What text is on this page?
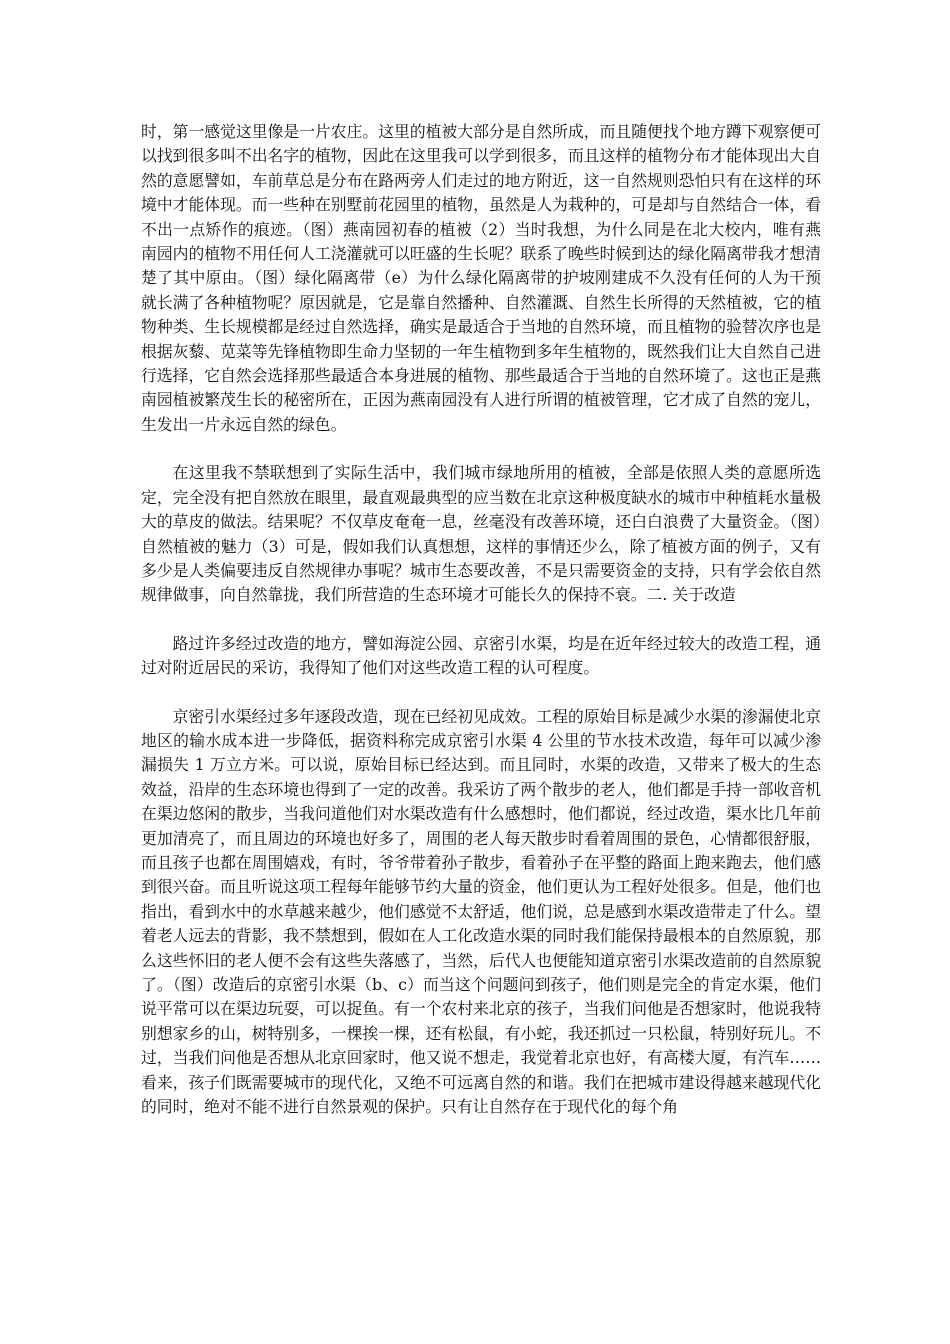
时，第一感觉这里像是一片农庄。这里的植被大部分是自然所成，而且随便找个地方蹲下观察便可以找到很多叫不出名字的植物，因此在这里我可以学到很多，而且这样的植物分布才能体现出大自然的意愿譬如，车前草总是分布在路两旁人们走过的地方附近，这一自然规则恐怕只有在这样的环境中才能体现。而一些种在别墅前花园里的植物，虽然是人为栽种的，可是却与自然结合一体，看不出一点矫作的痕迹。（图）燕南园初春的植被（2）当时我想，为什么同是在北大校内，唯有燕南园内的植物不用任何人工浇灌就可以旺盛的生长呢？联系了晚些时候到达的绿化隔离带我才想清楚了其中原由。（图）绿化隔离带（e）为什么绿化隔离带的护坡刚建成不久没有任何的人为干预就长满了各种植物呢？原因就是，它是靠自然播种、自然灌溉、自然生长所得的天然植被，它的植物种类、生长规模都是经过自然选择，确实是最适合于当地的自然环境，而且植物的验替次序也是根据灰藜、苋菜等先锋植物即生命力坚韧的一年生植物到多年生植物的，既然我们让大自然自己进行选择，它自然会选择那些最适合本身进展的植物、那些最适合于当地的自然环境了。这也正是燕南园植被繁茂生长的秘密所在，正因为燕南园没有人进行所谓的植被管理，它才成了自然的宠儿，生发出一片永远自然的绿色。

在这里我不禁联想到了实际生活中，我们城市绿地所用的植被，全部是依照人类的意愿所选定，完全没有把自然放在眼里，最直观最典型的应当数在北京这种极度缺水的城市中种植耗水量极大的草皮的做法。结果呢？不仅草皮奄奄一息，丝毫没有改善环境，还白白浪费了大量资金。（图）自然植被的魅力（3）可是，假如我们认真想想，这样的事情还少么，除了植被方面的例子，又有多少是人类偏要违反自然规律办事呢？城市生态要改善，不是只需要资金的支持，只有学会依自然规律做事，向自然靠拢，我们所营造的生态环境才可能长久的保持不衰。二. 关于改造

路过许多经过改造的地方，譬如海淀公园、京密引水渠，均是在近年经过较大的改造工程，通过对附近居民的采访，我得知了他们对这些改造工程的认可程度。

京密引水渠经过多年逐段改造，现在已经初见成效。工程的原始目标是减少水渠的渗漏使北京地区的输水成本进一步降低，据资料称完成京密引水渠 4 公里的节水技术改造，每年可以减少渗漏损失 1 万立方米。可以说，原始目标已经达到。而且同时，水渠的改造，又带来了极大的生态效益，沿岸的生态环境也得到了一定的改善。我采访了两个散步的老人，他们都是手持一部收音机在渠边悠闲的散步，当我问道他们对水渠改造有什么感想时，他们都说，经过改造，渠水比几年前更加清亮了，而且周边的环境也好多了，周围的老人每天散步时看着周围的景色，心情都很舒服，而且孩子也都在周围嬉戏，有时，爷爷带着孙子散步，看着孙子在平整的路面上跑来跑去，他们感到很兴奋。而且听说这项工程每年能够节约大量的资金，他们更认为工程好处很多。但是，他们也指出，看到水中的水草越来越少，他们感觉不太舒适，他们说，总是感到水渠改造带走了什么。望着老人远去的背影，我不禁想到，假如在人工化改造水渠的同时我们能保持最根本的自然原貌，那么这些怀旧的老人便不会有这些失落感了，当然，后代人也便能知道京密引水渠改造前的自然原貌了。（图）改造后的京密引水渠（b、c）而当这个问题问到孩子，他们则是完全的肯定水渠，他们说平常可以在渠边玩耍，可以捉鱼。有一个农村来北京的孩子，当我们问他是否想家时，他说我特别想家乡的山，树特别多，一棵挨一棵，还有松鼠，有小蛇，我还抓过一只松鼠，特别好玩儿。不过，当我们问他是否想从北京回家时，他又说不想走，我觉着北京也好，有高楼大厦，有汽车……看来，孩子们既需要城市的现代化，又绝不可远离自然的和谐。我们在把城市建设得越来越现代化的同时，绝对不能不进行自然景观的保护。只有让自然存在于现代化的每个角
